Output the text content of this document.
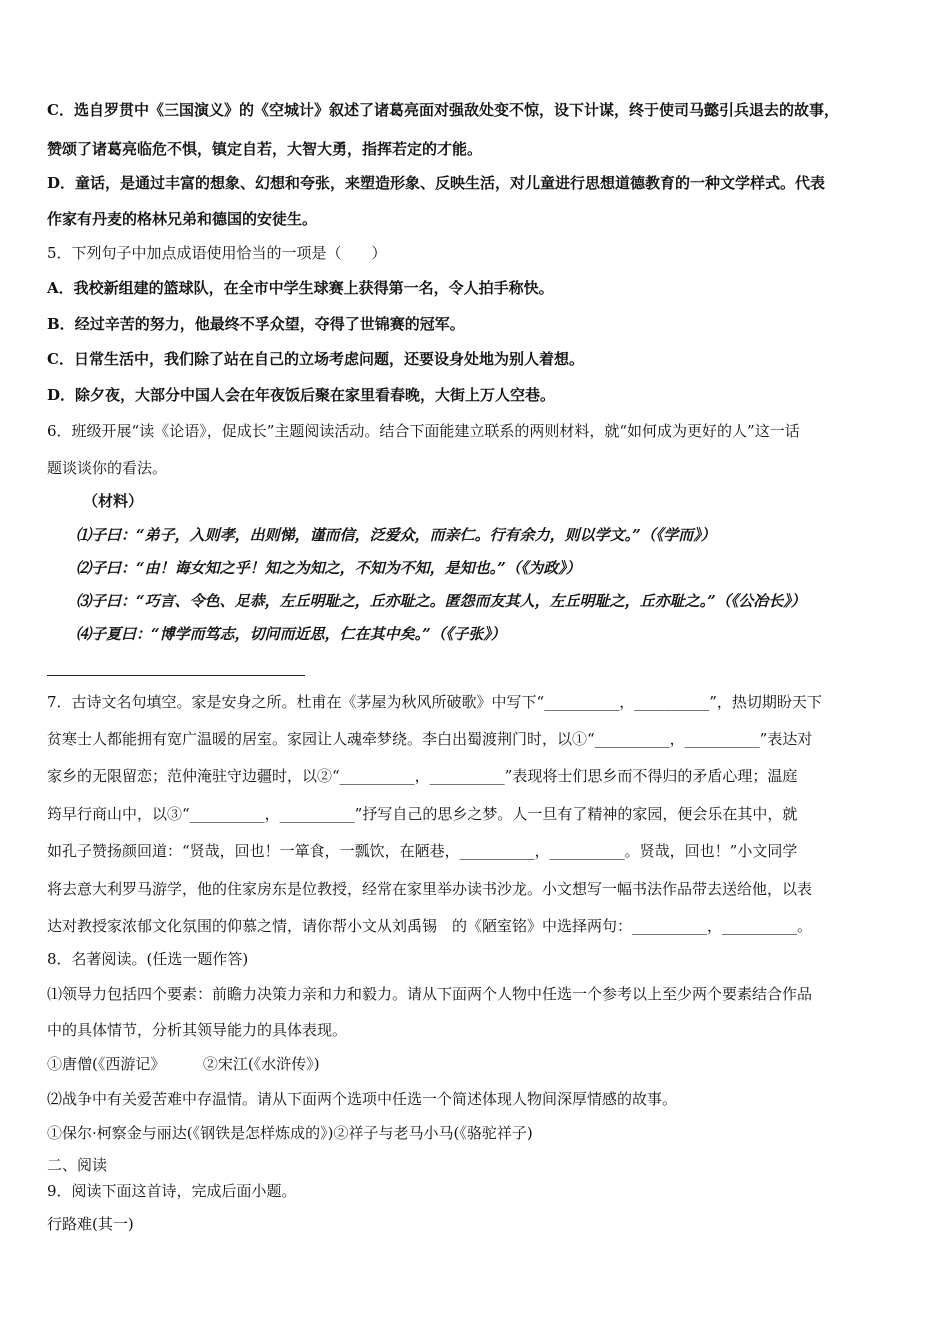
C．选自罗贯中《三国演义》的《空城计》叙述了诸葛亮面对强敌处变不惊，设下计谋，终于使司马懿引兵退去的故事，
赞颂了诸葛亮临危不惧，镇定自若，大智大勇，指挥若定的才能。
D．童话，是通过丰富的想象、幻想和夸张，来塑造形象、反映生活，对儿童进行思想道德教育的一种文学样式。代表
作家有丹麦的格林兄弟和德国的安徒生。
5．下列句子中加点成语使用恰当的一项是（　　）
A．我校新组建的篮球队，在全市中学生球赛上获得第一名，令人拍手称快。
B．经过辛苦的努力，他最终不孚众望，夺得了世锦赛的冠军。
C．日常生活中，我们除了站在自己的立场考虑问题，还要设身处地为别人着想。
D．除夕夜，大部分中国人会在年夜饭后聚在家里看春晚，大街上万人空巷。
6．班级开展“读《论语》，促成长”主题阅读活动。结合下面能建立联系的两则材料，就“如何成为更好的人”这一话
题谈谈你的看法。
（材料）
⑴子曰：“弟子，入则孝，出则悌，谨而信，泛爱众，而亲仁。行有余力，则以学文。”（《学而》）
⑵子曰：“由！诲女知之乎！知之为知之，不知为不知，是知也。”（《为政》）
⑶子曰：“巧言、令色、足恭，左丘明耻之，丘亦耻之。匿怨而友其人，左丘明耻之，丘亦耻之。”（《公冶长》）
⑷子夏曰：“博学而笃志，切问而近思，仁在其中矣。”（《子张》）
7．古诗文名句填空。家是安身之所。杜甫在《茅屋为秋风所破歌》中写下“__________，__________”，热切期盼天下
贫寒士人都能拥有宽广温暖的居室。家园让人魂牵梦绕。李白出蜀渡荆门时，以①“__________，__________”表达对
家乡的无限留恋；范仲淹驻守边疆时，以②“__________，__________”表现将士们思乡而不得归的矛盾心理；温庭
筠早行商山中，以③“__________，__________”抒写自己的思乡之梦。人一旦有了精神的家园，便会乐在其中，就
如孔子赞扬颜回道：“贤哉，回也！一箪食，一瓢饮，在陋巷，__________，__________。贤哉，回也！”小文同学
将去意大利罗马游学，他的住家房东是位教授，经常在家里举办读书沙龙。小文想写一幅书法作品带去送给他，以表
达对教授家浓郁文化氛围的仰慕之情，请你帮小文从刘禹锡　的《陋室铭》中选择两句：__________，__________。
8．名著阅读。(任选一题作答)
⑴领导力包括四个要素：前瞻力决策力亲和力和毅力。请从下面两个人物中任选一个参考以上至少两个要素结合作品
中的具体情节，分析其领导能力的具体表现。
①唐僧(《西游记》　　　②宋江(《水浒传》)
⑵战争中有关爱苦难中存温情。请从下面两个选项中任选一个简述体现人物间深厚情感的故事。
①保尔·柯察金与丽达(《钢铁是怎样炼成的》)②祥子与老马小马(《骆驼祥子)
二、阅读
9．阅读下面这首诗，完成后面小题。
行路难(其一)
